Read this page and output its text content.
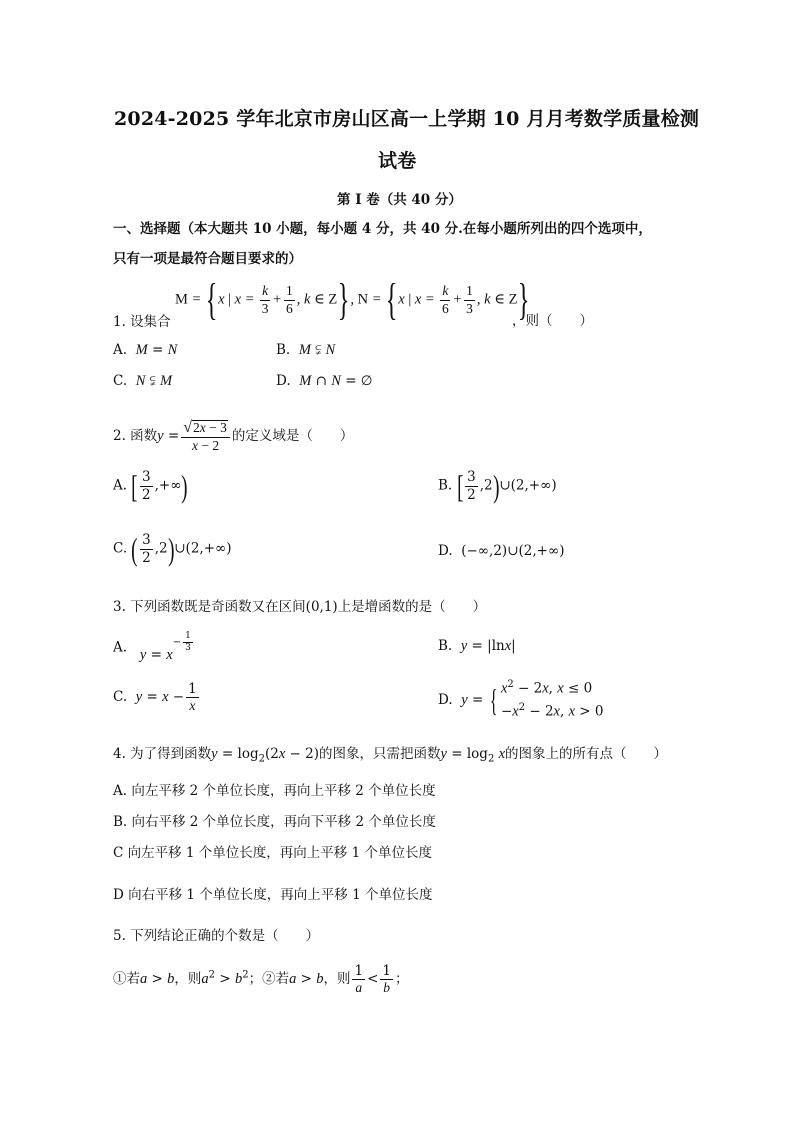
2024-2025 学年北京市房山区高一上学期 10 月月考数学质量检测
试卷
第 I 卷（共 40 分）
一、选择题（本大题共 10 小题，每小题 4 分，共 40 分.在每小题所列出的四个选项中，
只有一项是最符合题目要求的）
M = {x | $x = \frac{k}{3} + \frac{1}{6}$ , k ∈ Z}, N = {x | $x = \frac{k}{6} + \frac{1}{3}$ , k ∈ Z}
1. 设集合	，则（　　）
A. M = N	B. M ⫋ N
C. N ⫋ M	D. M ∩ N = ∅
2. 函数$y = \frac{√ 2x - 3}{x - 2}$ 的定义域是（　　）
A. [ $\frac{3}{2}$ ,+∞)	B. [ $\frac{3}{2}$ ,2)∪(2,+∞)
C. ( $\frac{3}{2}$ ,2)∪(2,+∞)	D.  (−∞,2)∪(2,+∞)
3. 下列函数既是奇函数又在区间(0,1)上是增函数的是（　　）
A. $y = x^{- \frac{1}{3}}$	B. y = |lnx|
C. $y = x - \frac{1}{x}$	D. y = { $x^2 - 2x$, x ≤ 0
$-x^2 - 2x$, x > 0
4. 为了得到函数$y = \log_2(2x - 2)$的图象，只需把函数$y = \log_2 x$的图象上的所有点（　　）
A. 向左平移 2 个单位长度，再向上平移 2 个单位长度
B. 向右平移 2 个单位长度，再向下平移 2 个单位长度
C 向左平移 1 个单位长度，再向上平移 1 个单位长度
D 向右平移 1 个单位长度，再向上平移 1 个单位长度
5. 下列结论正确的个数是（　　）
①若a > b，则$a^2 > b^2$；②若a > b，则 $\frac{1}{a} < \frac{1}{b}$ ；
